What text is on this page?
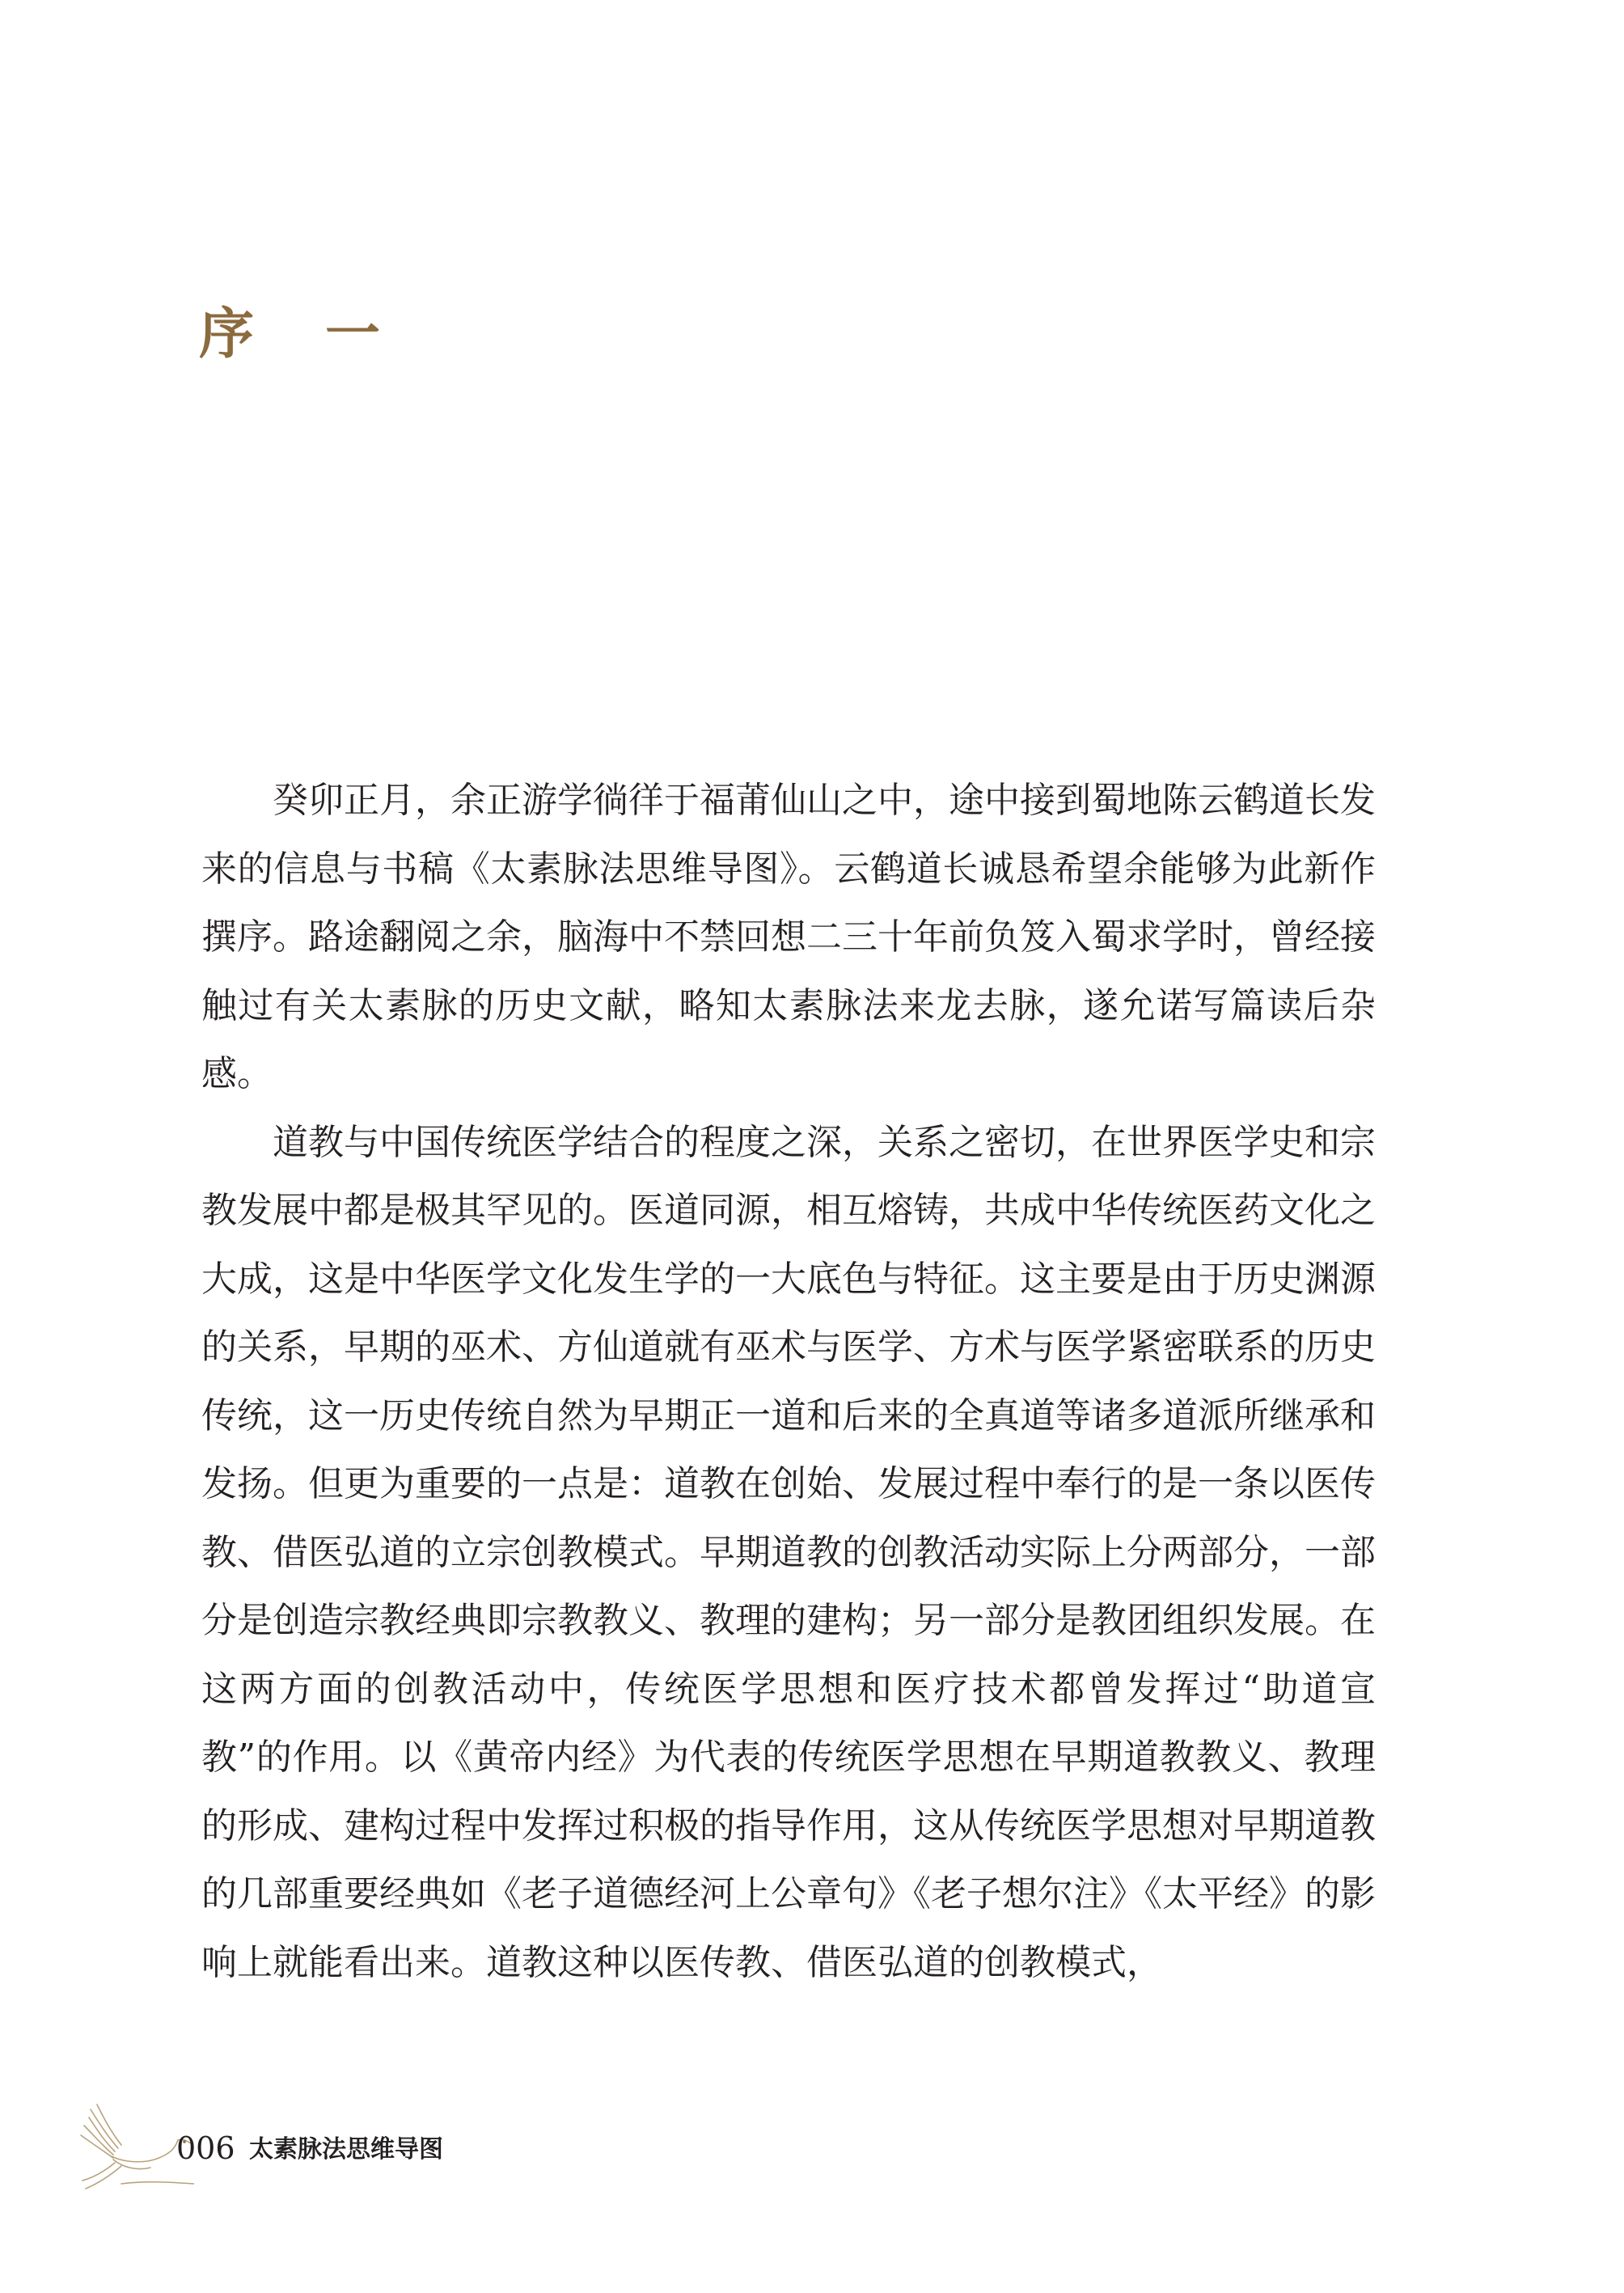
序一

癸卯正月，余正游学徜徉于福莆仙山之中，途中接到蜀地陈云鹤道长发来的信息与书稿《太素脉法思维导图》。云鹤道长诚恳希望余能够为此新作撰序。路途翻阅之余，脑海中不禁回想二三十年前负笈入蜀求学时，曾经接触过有关太素脉的历史文献，略知太素脉法来龙去脉，遂允诺写篇读后杂感。

道教与中国传统医学结合的程度之深，关系之密切，在世界医学史和宗教发展中都是极其罕见的。医道同源，相互熔铸，共成中华传统医药文化之大成，这是中华医学文化发生学的一大底色与特征。这主要是由于历史渊源的关系，早期的巫术、方仙道就有巫术与医学、方术与医学紧密联系的历史传统，这一历史传统自然为早期正一道和后来的全真道等诸多道派所继承和发扬。但更为重要的一点是：道教在创始、发展过程中奉行的是一条以医传教、借医弘道的立宗创教模式。早期道教的创教活动实际上分两部分，一部分是创造宗教经典即宗教教义、教理的建构；另一部分是教团组织发展。在这两方面的创教活动中，传统医学思想和医疗技术都曾发挥过“助道宣教”的作用。以《黄帝内经》为代表的传统医学思想在早期道教教义、教理的形成、建构过程中发挥过积极的指导作用，这从传统医学思想对早期道教的几部重要经典如《老子道德经河上公章句》《老子想尔注》《太平经》的影响上就能看出来。道教这种以医传教、借医弘道的创教模式，

006 太素脉法思维导图
